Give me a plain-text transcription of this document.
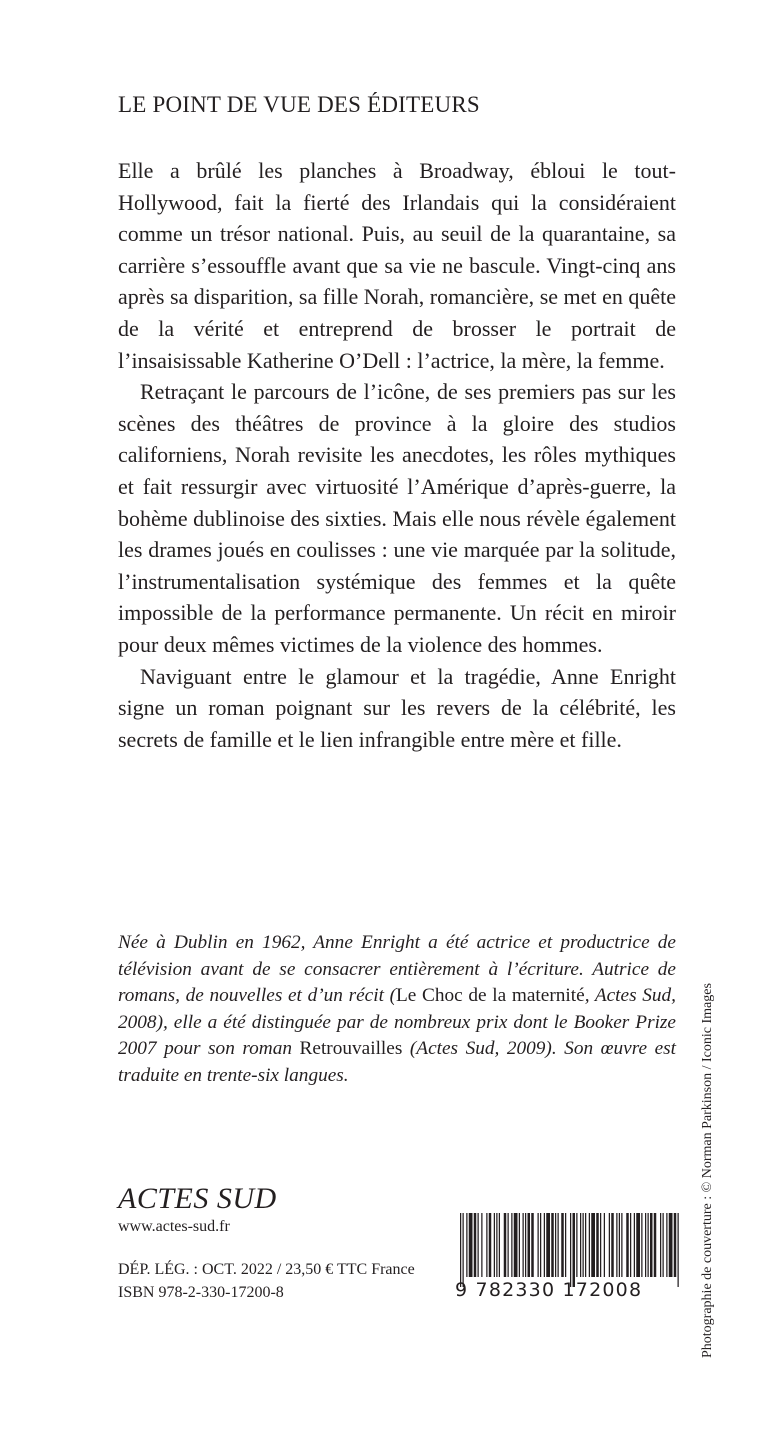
LE POINT DE VUE DES ÉDITEURS

Elle a brûlé les planches à Broadway, ébloui le tout-Hollywood, fait la fierté des Irlandais qui la considéraient comme un trésor national. Puis, au seuil de la quarantaine, sa carrière s’essouffle avant que sa vie ne bascule. Vingt-cinq ans après sa disparition, sa fille Norah, romancière, se met en quête de la vérité et entreprend de brosser le portrait de l’insaisissable Katherine O’Dell : l’actrice, la mère, la femme.

Retraçant le parcours de l’icône, de ses premiers pas sur les scènes des théâtres de province à la gloire des studios californiens, Norah revisite les anecdotes, les rôles mythiques et fait ressurgir avec virtuosité l’Amérique d’après-guerre, la bohème dublinoise des sixties. Mais elle nous révèle également les drames joués en coulisses : une vie marquée par la solitude, l’instrumentalisation systémique des femmes et la quête impossible de la performance permanente. Un récit en miroir pour deux mêmes victimes de la violence des hommes.

Naviguant entre le glamour et la tragédie, Anne Enright signe un roman poignant sur les revers de la célébrité, les secrets de famille et le lien infrangible entre mère et fille.

Née à Dublin en 1962, Anne Enright a été actrice et productrice de télévision avant de se consacrer entièrement à l’écriture. Autrice de romans, de nouvelles et d’un récit (Le Choc de la maternité, Actes Sud, 2008), elle a été distinguée par de nombreux prix dont le Booker Prize 2007 pour son roman Retrouvailles (Actes Sud, 2009). Son œuvre est traduite en trente-six langues.
ACTES SUD
www.actes-sud.fr
DÉP. LÉG. : OCT. 2022 / 23,50 € TTC France
ISBN 978-2-330-17200-8	9 782330 172008	Photographie de couverture : © Norman Parkinson / Iconic Images
